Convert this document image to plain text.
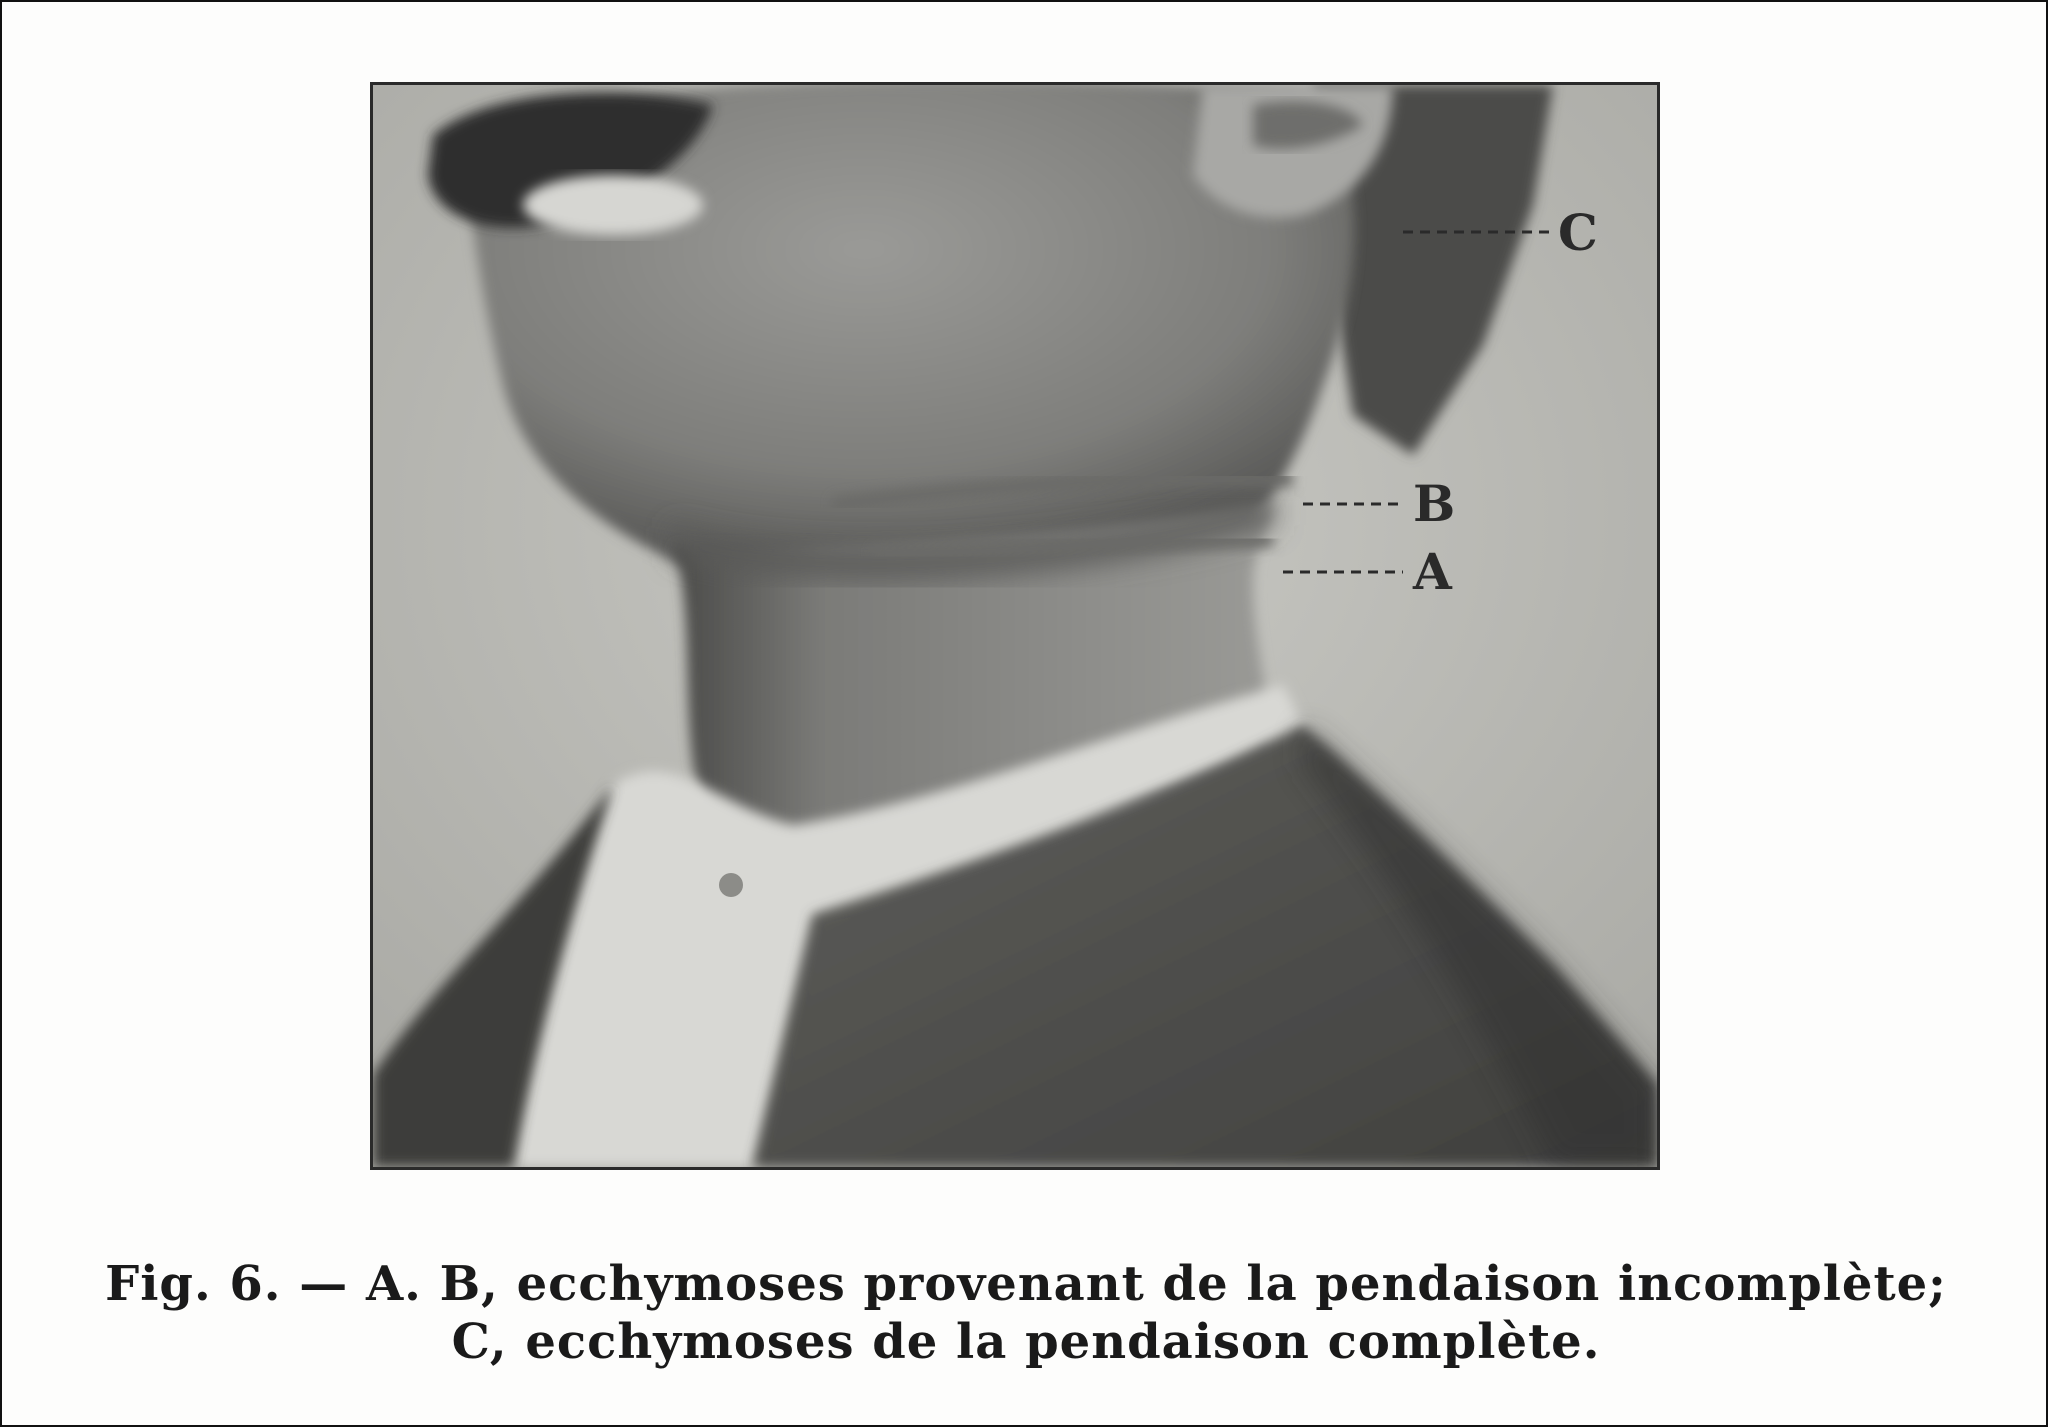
C
B
A
Fig. 6. — A. B, ecchymoses provenant de la pendaison incomplète;
C, ecchymoses de la pendaison complète.
